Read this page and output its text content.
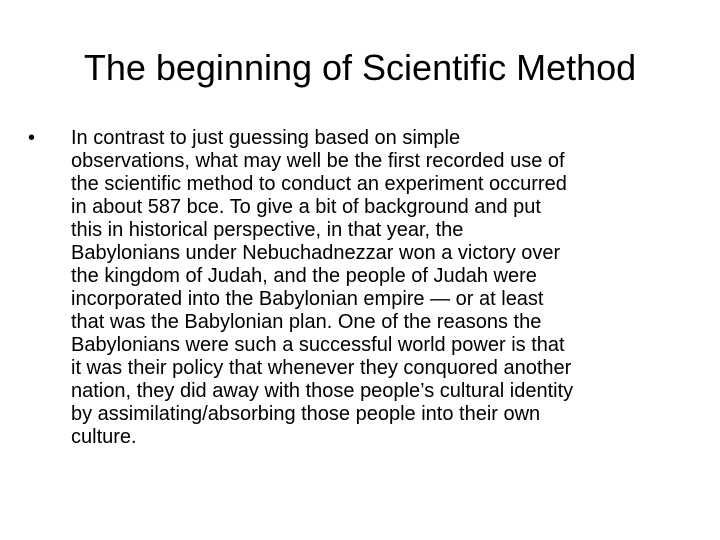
The beginning of Scientific Method
• In contrast to just guessing based on simple
observations, what may well be the first recorded use of
the scientific method to conduct an experiment occurred
in about 587 bce. To give a bit of background and put
this in historical perspective, in that year, the
Babylonians under Nebuchadnezzar won a victory over
the kingdom of Judah, and the people of Judah were
incorporated into the Babylonian empire — or at least
that was the Babylonian plan. One of the reasons the
Babylonians were such a successful world power is that
it was their policy that whenever they conquored another
nation, they did away with those people’s cultural identity
by assimilating/absorbing those people into their own
culture.
